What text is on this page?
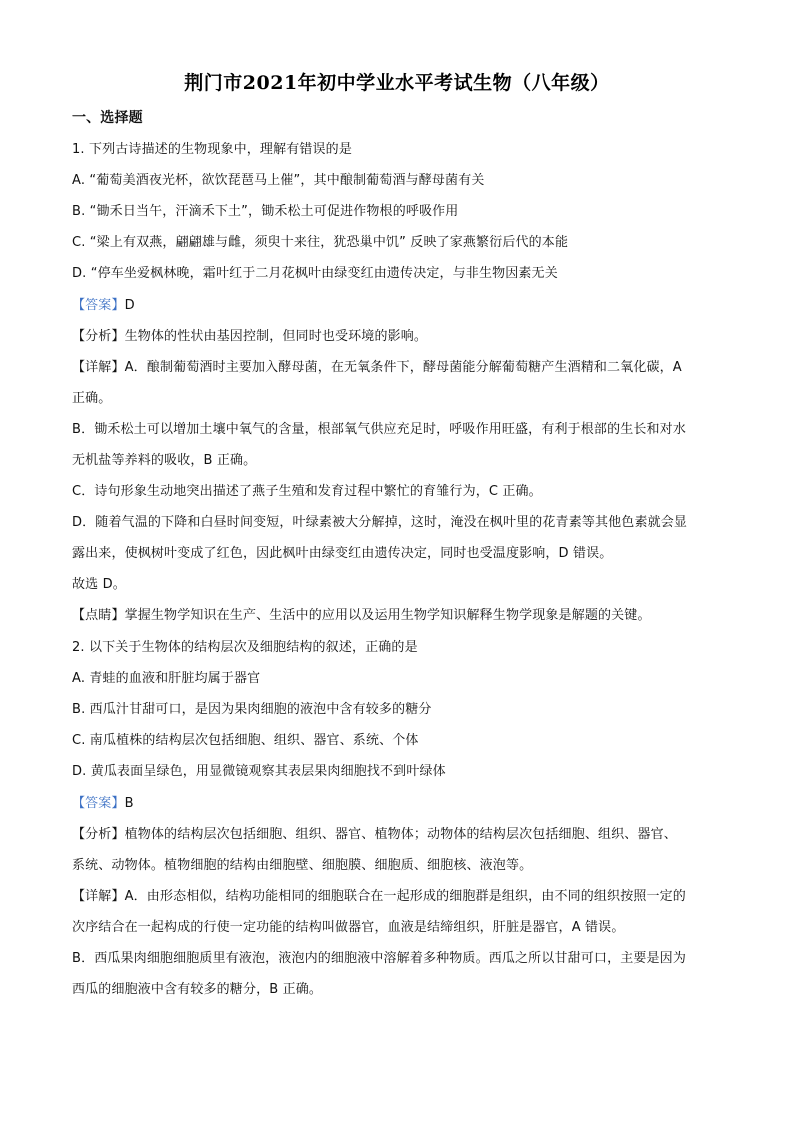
荆门市2021年初中学业水平考试生物（八年级）
一、选择题
1. 下列古诗描述的生物现象中，理解有错误的是
A. “葡萄美酒夜光杯，欲饮琵琶马上催”，其中酿制葡萄酒与酵母菌有关
B. “锄禾日当午，汗滴禾下土”，锄禾松土可促进作物根的呼吸作用
C. “梁上有双燕，翩翩雄与雌，须臾十来往，犹恐巢中饥” 反映了家燕繁衍后代的本能
D. “停车坐爱枫林晚，霜叶红于二月花枫叶由绿变红由遗传决定，与非生物因素无关
【答案】D
【分析】生物体的性状由基因控制，但同时也受环境的影响。
【详解】A．酿制葡萄酒时主要加入酵母菌，在无氧条件下，酵母菌能分解葡萄糖产生酒精和二氧化碳，A
正确。
B．锄禾松土可以增加土壤中氧气的含量，根部氧气供应充足时，呼吸作用旺盛，有利于根部的生长和对水
无机盐等养料的吸收，B 正确。
C．诗句形象生动地突出描述了燕子生殖和发育过程中繁忙的育雏行为，C 正确。
D．随着气温的下降和白昼时间变短，叶绿素被大分解掉，这时，淹没在枫叶里的花青素等其他色素就会显
露出来，使枫树叶变成了红色，因此枫叶由绿变红由遗传决定，同时也受温度影响，D 错误。
故选 D。
【点睛】掌握生物学知识在生产、生活中的应用以及运用生物学知识解释生物学现象是解题的关键。
2. 以下关于生物体的结构层次及细胞结构的叙述，正确的是
A. 青蛙的血液和肝脏均属于器官
B. 西瓜汁甘甜可口，是因为果肉细胞的液泡中含有较多的糖分
C. 南瓜植株的结构层次包括细胞、组织、器官、系统、个体
D. 黄瓜表面呈绿色，用显微镜观察其表层果肉细胞找不到叶绿体
【答案】B
【分析】植物体的结构层次包括细胞、组织、器官、植物体；动物体的结构层次包括细胞、组织、器官、
系统、动物体。植物细胞的结构由细胞壁、细胞膜、细胞质、细胞核、液泡等。
【详解】A．由形态相似，结构功能相同的细胞联合在一起形成的细胞群是组织，由不同的组织按照一定的
次序结合在一起构成的行使一定功能的结构叫做器官，血液是结缔组织，肝脏是器官，A 错误。
B．西瓜果肉细胞细胞质里有液泡，液泡内的细胞液中溶解着多种物质。西瓜之所以甘甜可口，主要是因为
西瓜的细胞液中含有较多的糖分，B 正确。
